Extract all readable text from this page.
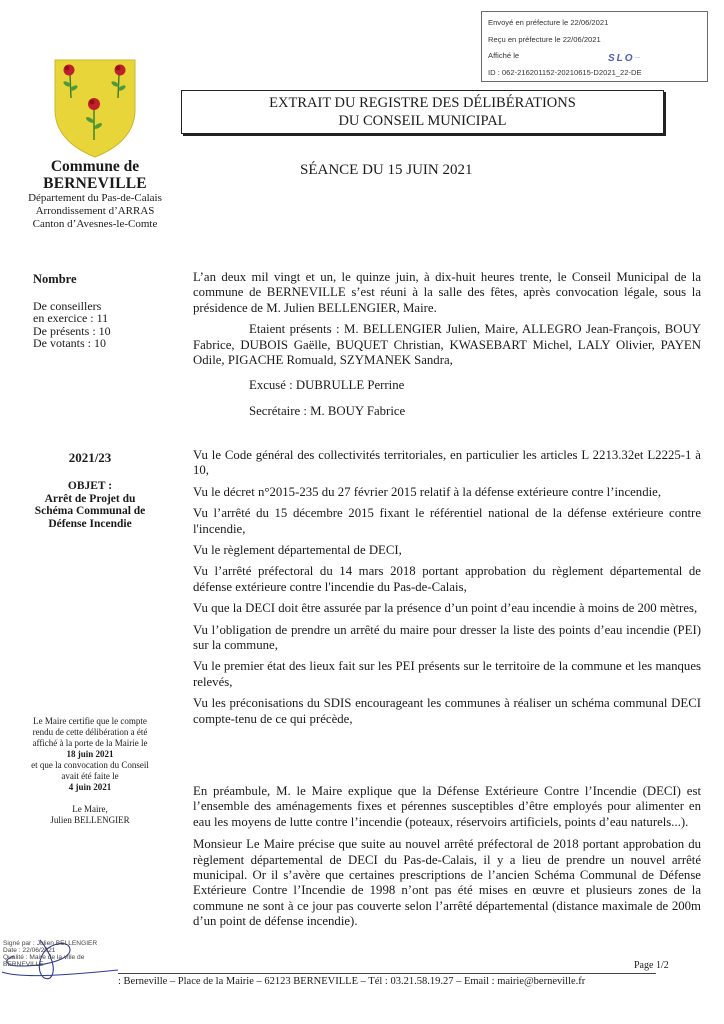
Envoyé en préfecture le 22/06/2021
Reçu en préfecture le 22/06/2021
Affiché le	SLO~
ID : 062-216201152-20210615-D2021_22-DE
Commune de
BERNEVILLE
Département du Pas-de-Calais
Arrondissement d’ARRAS
Canton d’Avesnes-le-Comte
EXTRAIT DU REGISTRE DES DÉLIBÉRATIONS
DU CONSEIL MUNICIPAL
SÉANCE DU 15 JUIN 2021
Nombre
De conseillers
en exercice : 11
De présents : 10
De votants : 10

L’an deux mil vingt et un, le quinze juin, à dix-huit heures trente, le Conseil Municipal de la commune de BERNEVILLE s’est réuni à la salle des fêtes, après convocation légale, sous la présidence de M. Julien BELLENGIER, Maire.

Etaient présents : M. BELLENGIER Julien, Maire, ALLEGRO Jean-François, BOUY Fabrice, DUBOIS Gaëlle, BUQUET Christian, KWASEBART Michel, LALY Olivier, PAYEN Odile, PIGACHE Romuald, SZYMANEK Sandra,

Excusé : DUBRULLE Perrine

Secrétaire : M. BOUY Fabrice

2021/23
OBJET :
Arrêt de Projet du
Schéma Communal de
Défense Incendie

Vu le Code général des collectivités territoriales, en particulier les articles L 2213.32et L2225-1 à 10,

Vu le décret n°2015-235 du 27 février 2015 relatif à la défense extérieure contre l’incendie,

Vu l’arrêté du 15 décembre 2015 fixant le référentiel national de la défense extérieure contre l'incendie,

Vu le règlement départemental de DECI,

Vu l’arrêté préfectoral du 14 mars 2018 portant approbation du règlement départemental de défense extérieure contre l'incendie du Pas-de-Calais,

Vu que la DECI doit être assurée par la présence d’un point d’eau incendie à moins de 200 mètres,

Vu l’obligation de prendre un arrêté du maire pour dresser la liste des points d’eau incendie (PEI) sur la commune,

Vu le premier état des lieux fait sur les PEI présents sur le territoire de la commune et les manques relevés,

Vu les préconisations du SDIS encourageant les communes à réaliser un schéma communal DECI compte-tenu de ce qui précède,

Le Maire certifie que le compte
rendu de cette délibération a été
affiché à la porte de la Mairie le
18 juin 2021
et que la convocation du Conseil
avait été faite le
4 juin 2021
Le Maire,
Julien BELLENGIER

En préambule, M. le Maire explique que la Défense Extérieure Contre l’Incendie (DECI) est l’ensemble des aménagements fixes et pérennes susceptibles d’être employés pour alimenter en eau les moyens de lutte contre l’incendie (poteaux, réservoirs artificiels, points d’eau naturels...).

Monsieur Le Maire précise que suite au nouvel arrêté préfectoral de 2018 portant approbation du règlement départemental de DECI du Pas-de-Calais, il y a lieu de prendre un nouvel arrêté municipal. Or il s’avère que certaines prescriptions de l’ancien Schéma Communal de Défense Extérieure Contre l’Incendie de 1998 n’ont pas été mises en œuvre et plusieurs zones de la commune ne sont à ce jour pas couverte selon l’arrêté départemental (distance maximale de 200m d’un point de défense incendie).

Signé par : Julien BELLENGIER
Date : 22/06/2021
Qualité : Maire de la ville de
BERNEVILLE	Page 1/2
: Berneville – Place de la Mairie – 62123 BERNEVILLE – Tél : 03.21.58.19.27 – Email : mairie@berneville.fr
